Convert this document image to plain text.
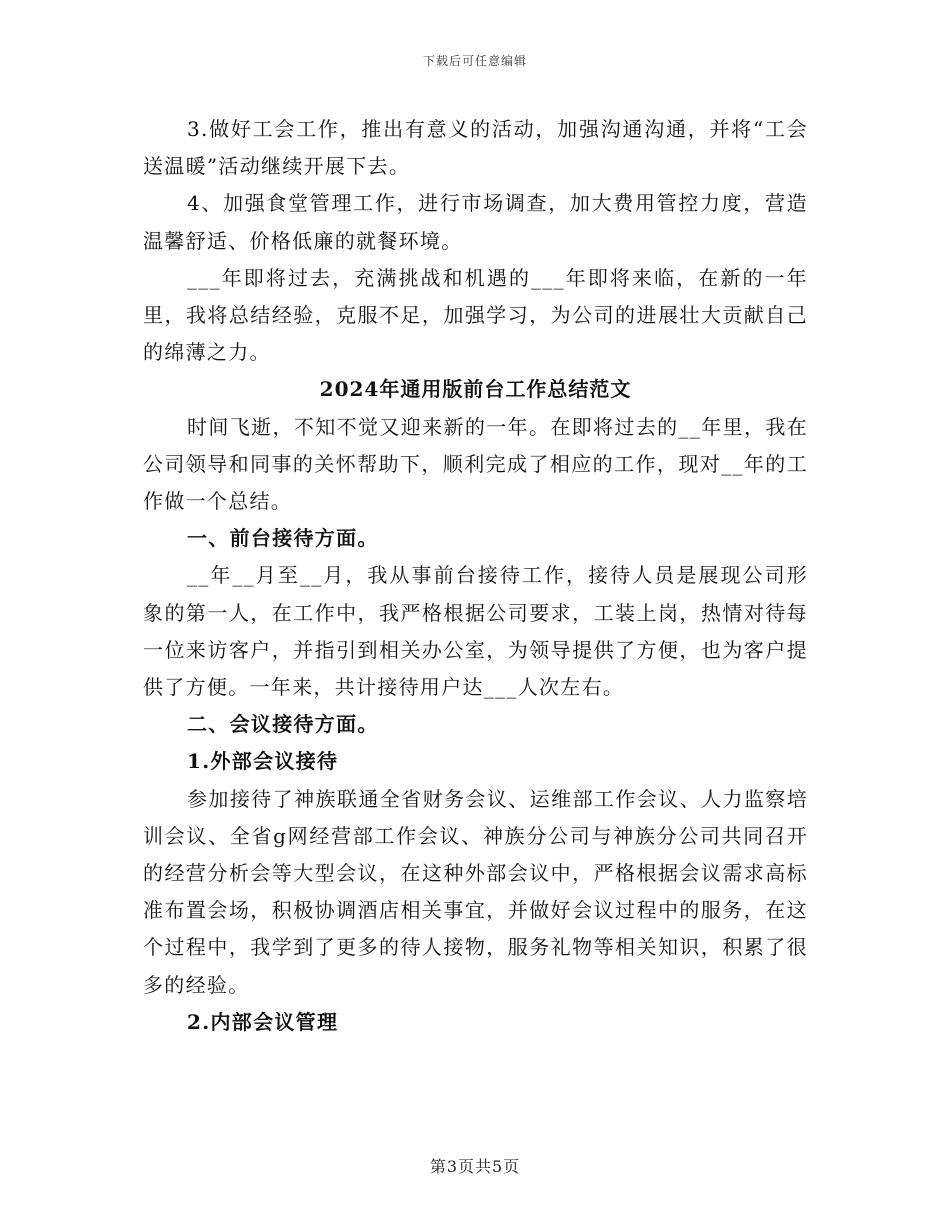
下载后可任意编辑

3.做好工会工作，推出有意义的活动，加强沟通沟通，并将“工会送温暖”活动继续开展下去。

4、加强食堂管理工作，进行市场调查，加大费用管控力度，营造温馨舒适、价格低廉的就餐环境。

___年即将过去，充满挑战和机遇的___年即将来临，在新的一年里，我将总结经验，克服不足，加强学习，为公司的进展壮大贡献自己的绵薄之力。

2024年通用版前台工作总结范文

时间飞逝，不知不觉又迎来新的一年。在即将过去的__年里，我在公司领导和同事的关怀帮助下，顺利完成了相应的工作，现对__年的工作做一个总结。

一、前台接待方面。

__年__月至__月，我从事前台接待工作，接待人员是展现公司形象的第一人，在工作中，我严格根据公司要求，工装上岗，热情对待每一位来访客户，并指引到相关办公室，为领导提供了方便，也为客户提供了方便。一年来，共计接待用户达___人次左右。

二、会议接待方面。

1.外部会议接待

参加接待了神族联通全省财务会议、运维部工作会议、人力监察培训会议、全省g网经营部工作会议、神族分公司与神族分公司共同召开的经营分析会等大型会议，在这种外部会议中，严格根据会议需求高标准布置会场，积极协调酒店相关事宜，并做好会议过程中的服务，在这个过程中，我学到了更多的待人接物，服务礼物等相关知识，积累了很多的经验。

2.内部会议管理

第3页共5页
